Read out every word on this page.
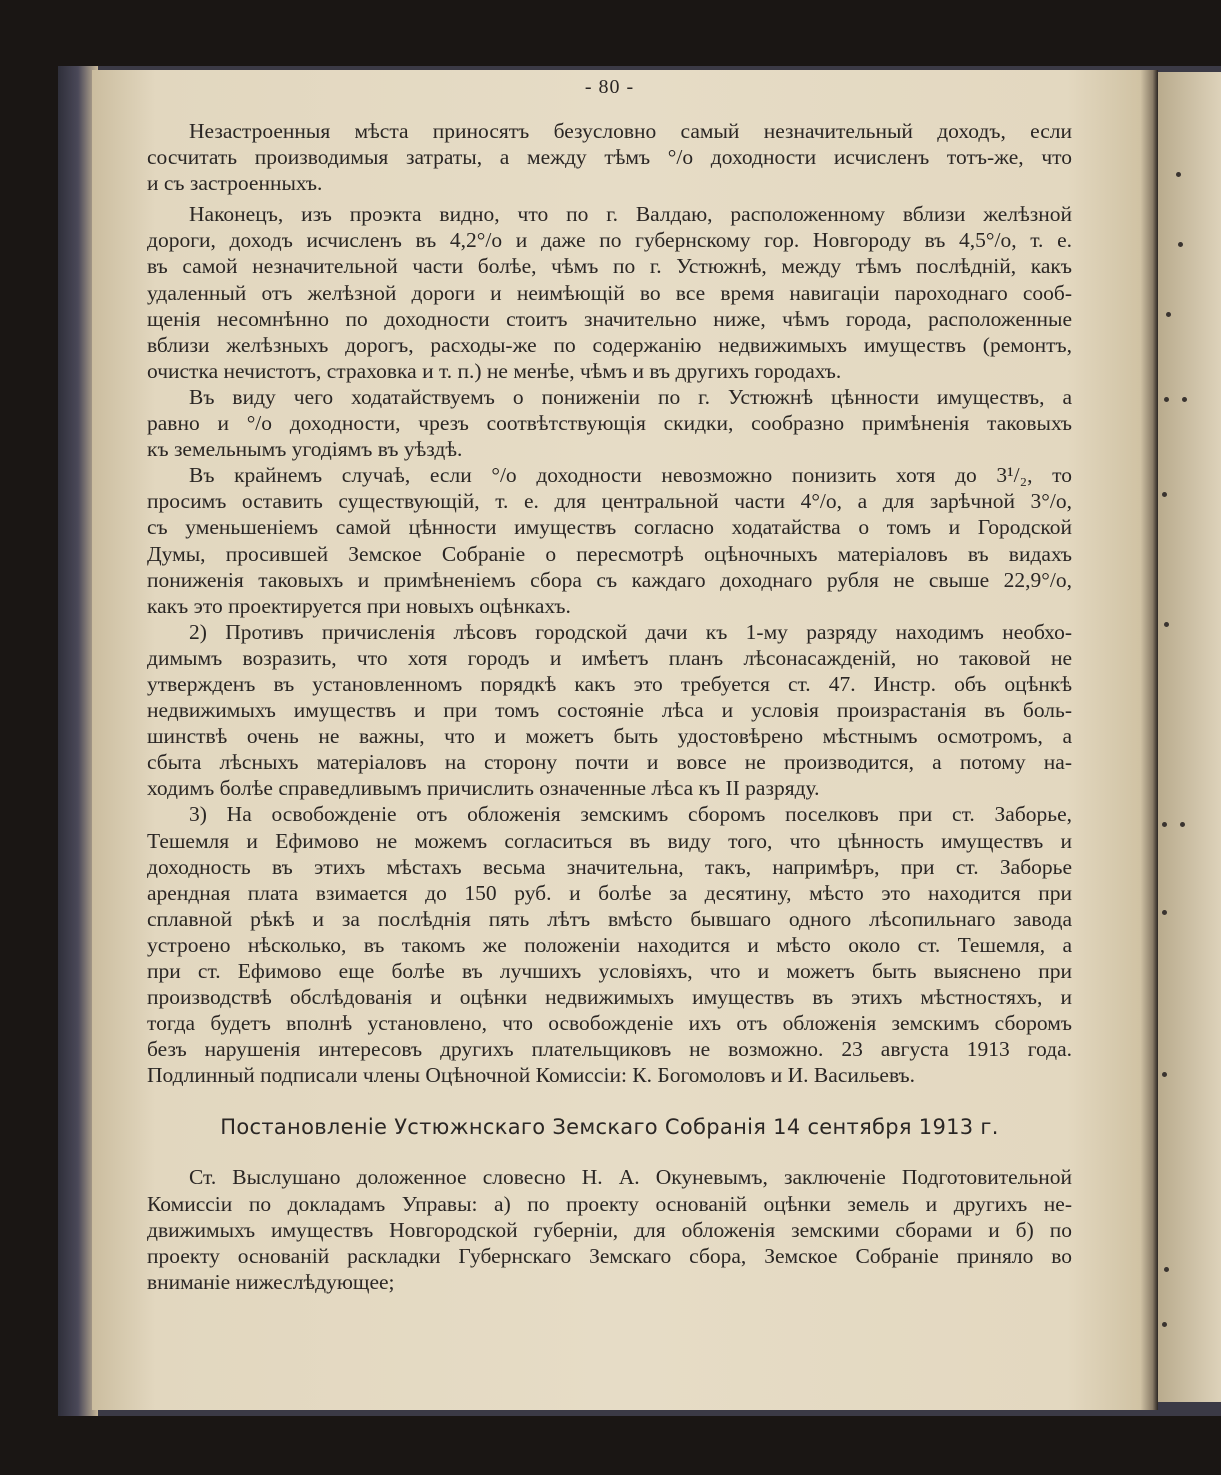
- 80 -
Незастроенныя мѣста приносятъ безусловно самый незначительный доходъ, если
сосчитать производимыя затраты, а между тѣмъ °/o доходности исчисленъ тотъ-же, что
и съ застроенныхъ.
Наконецъ, изъ проэкта видно, что по г. Валдаю, расположенному вблизи желѣзной
дороги, доходъ исчисленъ въ 4,2°/o и даже по губернскому гор. Новгороду въ 4,5°/o, т. е.
въ самой незначительной части болѣе, чѣмъ по г. Устюжнѣ, между тѣмъ послѣднiй, какъ
удаленный отъ желѣзной дороги и неимѣющiй во все время навигацiи пароходнаго сооб-
щенiя несомнѣнно по доходности стоитъ значительно ниже, чѣмъ города, расположенные
вблизи желѣзныхъ дорогъ, расходы-же по содержанiю недвижимыхъ имуществъ (ремонтъ,
очистка нечистотъ, страховка и т. п.) не менѣе, чѣмъ и въ другихъ городахъ.
Въ виду чего ходатайствуемъ о пониженiи по г. Устюжнѣ цѣнности имуществъ, а
равно и °/o доходности, чрезъ соотвѣтствующiя скидки, сообразно примѣненiя таковыхъ
къ земельнымъ угодiямъ въ уѣздѣ.
Въ крайнемъ случаѣ, если °/o доходности невозможно понизить хотя до 3¹/₂, то
просимъ оставить существующiй, т. е. для центральной части 4°/o, а для зарѣчной 3°/o,
съ уменьшенiемъ самой цѣнности имуществъ согласно ходатайства о томъ и Городской
Думы, просившей Земское Собранiе о пересмотрѣ оцѣночныхъ матерiаловъ въ видахъ
пониженiя таковыхъ и примѣненiемъ сбора съ каждаго доходнаго рубля не свыше 22,9°/o,
какъ это проектируется при новыхъ оцѣнкахъ.
2) Противъ причисленiя лѣсовъ городской дачи къ 1-му разряду находимъ необхо-
димымъ возразить, что хотя городъ и имѣетъ планъ лѣсонасажденiй, но таковой не
утвержденъ въ установленномъ порядкѣ какъ это требуется ст. 47. Инстр. объ оцѣнкѣ
недвижимыхъ имуществъ и при томъ состоянiе лѣса и условiя произрастанiя въ боль-
шинствѣ очень не важны, что и можетъ быть удостовѣрено мѣстнымъ осмотромъ, а
сбыта лѣсныхъ матерiаловъ на сторону почти и вовсе не производится, а потому на-
ходимъ болѣе справедливымъ причислить означенные лѣса къ II разряду.
3) На освобожденiе отъ обложенiя земскимъ сборомъ поселковъ при ст. Заборье,
Тешемля и Ефимово не можемъ согласиться въ виду того, что цѣнность имуществъ и
доходность въ этихъ мѣстахъ весьма значительна, такъ, напримѣръ, при ст. Заборье
арендная плата взимается до 150 руб. и болѣе за десятину, мѣсто это находится при
сплавной рѣкѣ и за послѣднiя пять лѣтъ вмѣсто бывшаго одного лѣсопильнаго завода
устроено нѣсколько, въ такомъ же положенiи находится и мѣсто около ст. Тешемля, а
при ст. Ефимово еще болѣе въ лучшихъ условiяхъ, что и можетъ быть выяснено при
производствѣ обслѣдованiя и оцѣнки недвижимыхъ имуществъ въ этихъ мѣстностяхъ, и
тогда будетъ вполнѣ установлено, что освобожденiе ихъ отъ обложенiя земскимъ сборомъ
безъ нарушенiя интересовъ другихъ плательщиковъ не возможно. 23 августа 1913 года.
Подлинный подписали члены Оцѣночной Комиссiи: К. Богомоловъ и И. Васильевъ.
Постановленiе Устюжнскаго Земскаго Собранiя 14 сентября 1913 г.
Ст. Выслушано доложенное словесно Н. А. Окуневымъ, заключенiе Подготовительной
Комиссiи по докладамъ Управы: а) по проекту основанiй оцѣнки земель и другихъ не-
движимыхъ имуществъ Новгородской губернiи, для обложенiя земскими сборами и б) по
проекту основанiй раскладки Губернскаго Земскаго сбора, Земское Собранiе приняло во
вниманiе нижеслѣдующее;
